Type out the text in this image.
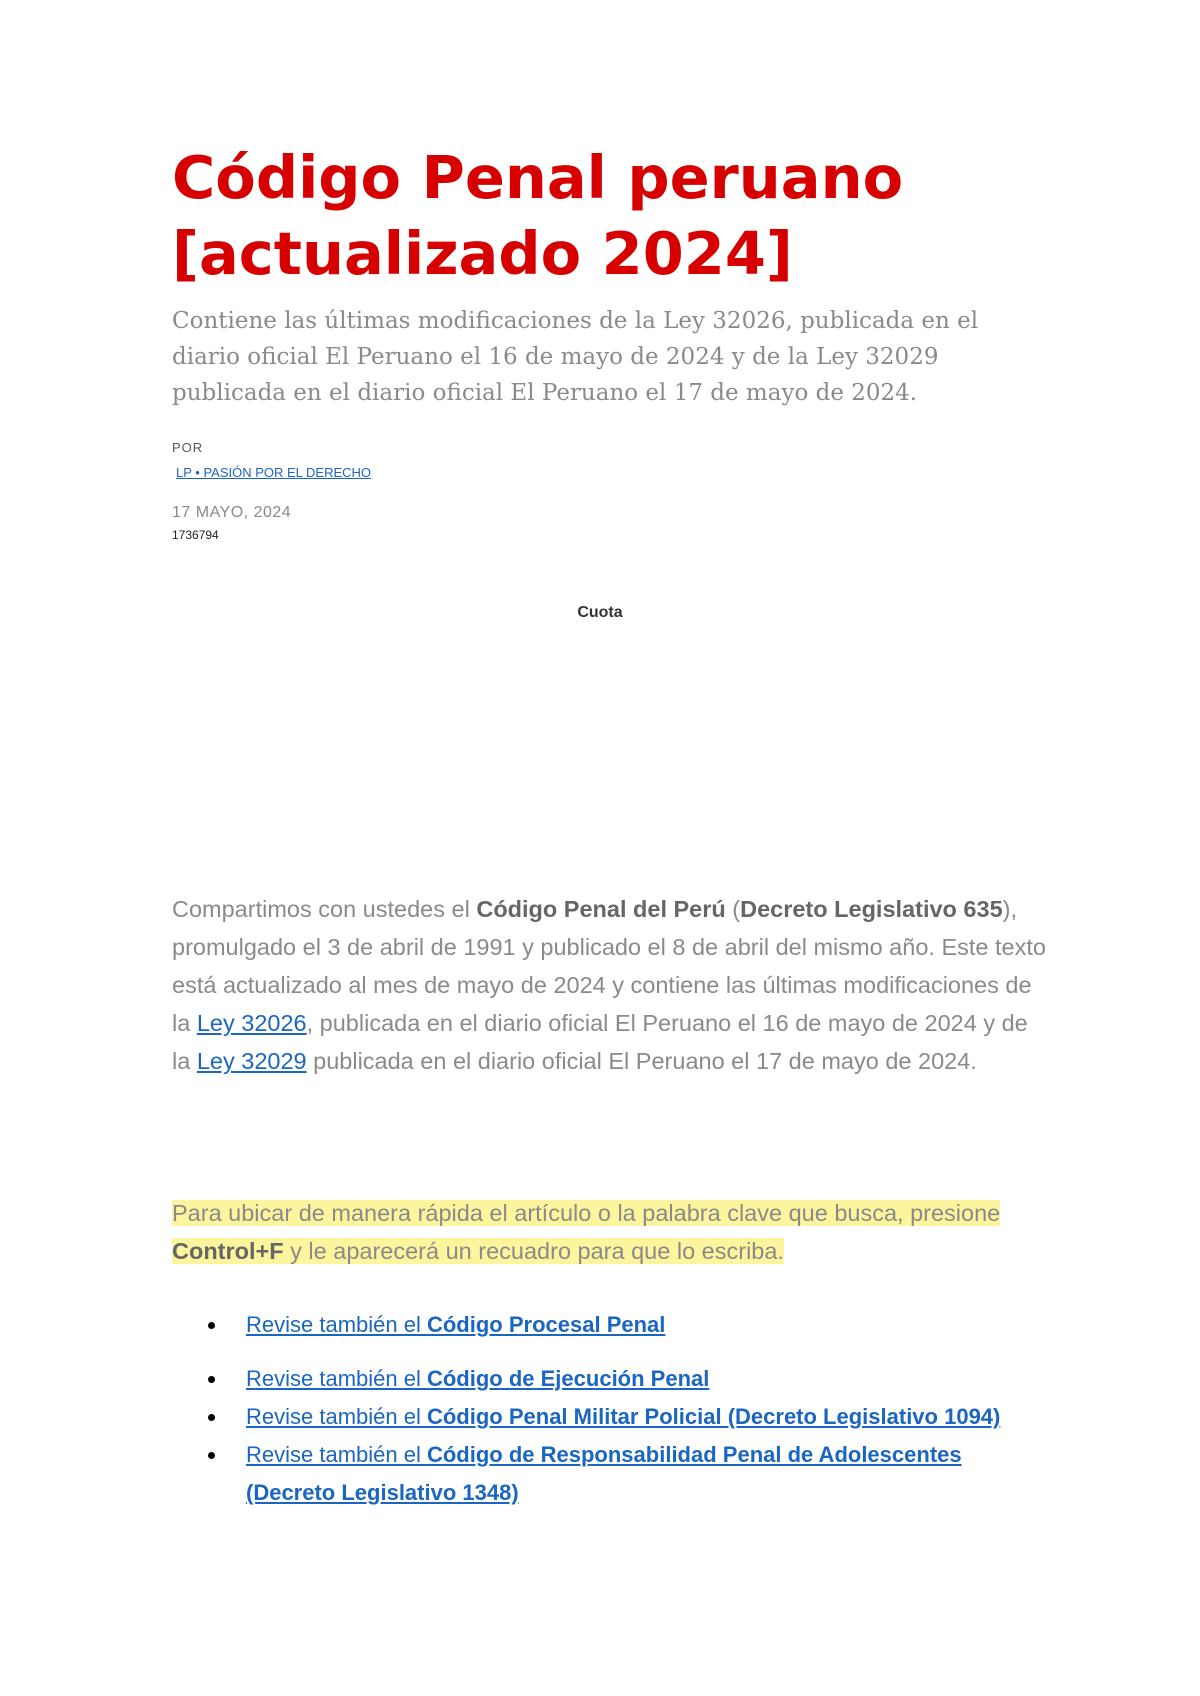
Código Penal peruano [actualizado 2024]

Contiene las últimas modificaciones de la Ley 32026, publicada en el diario oficial El Peruano el 16 de mayo de 2024 y de la Ley 32029 publicada en el diario oficial El Peruano el 17 de mayo de 2024.

POR

LP • PASIÓN POR EL DERECHO

17 MAYO, 2024

1736794

Cuota

Compartimos con ustedes el Código Penal del Perú (Decreto Legislativo 635), promulgado el 3 de abril de 1991 y publicado el 8 de abril del mismo año. Este texto está actualizado al mes de mayo de 2024 y contiene las últimas modificaciones de la Ley 32026, publicada en el diario oficial El Peruano el 16 de mayo de 2024 y de la Ley 32029 publicada en el diario oficial El Peruano el 17 de mayo de 2024.

Para ubicar de manera rápida el artículo o la palabra clave que busca, presione Control+F y le aparecerá un recuadro para que lo escriba.

Revise también el Código Procesal Penal
Revise también el Código de Ejecución Penal
Revise también el Código Penal Militar Policial (Decreto Legislativo 1094)
Revise también el Código de Responsabilidad Penal de Adolescentes (Decreto Legislativo 1348)
